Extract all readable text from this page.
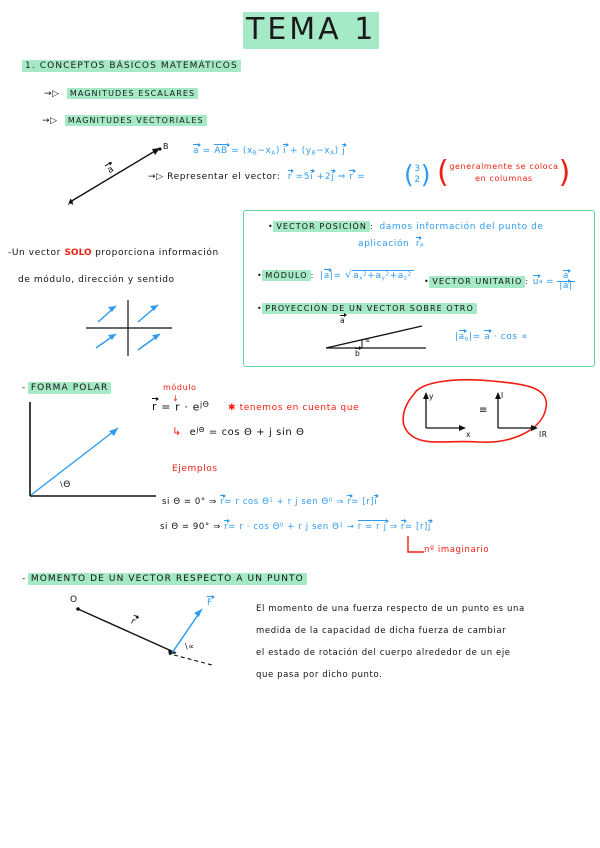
TEMA 1
1. CONCEPTOS BÁSICOS MATEMÁTICOS
→▷ MAGNITUDES ESCALARES
→▷ MAGNITUDES VECTORIALES
A
B
a
a = AB = $(x_B-x_A) i + (y_B-x_A)$ j
→▷ Representar el vector: r =5i +2j ⇒ r = ( 3
2 ) ( generalmente se coloca
en columnas )
-Un vector SOLO proporciona información
de módulo, dirección y sentido
• VECTOR POSICIÓN : damos información del punto de
aplicación $r_P$
• MÓDULO : |a|= √ $a_x^2+a_y^2+a_z^2$
• VECTOR UNITARIO : u $a = \frac{a}{|a|}$
• PROYECCIÓN DE UN VECTOR SOBRE OTRO
a
∝
b
$|a_b|= a \cdot \cos$ ∝
- FORMA POLAR
\Θ
módulo
↓
$r = r \cdot e^{j\Theta}$ ✱ tenemos en cuenta que
↳ $e^{j\Theta} = \cos \Theta + j$ sin Θ
y
x
≡
I
IR
Ejemplos
si Θ = 0° ⇒ r= r $\cos \Theta^1 + r$ j sen $\Theta^0$ ⇒ r= [r]i
si Θ = 90° ⇒ $r= r \cdot \cos \Theta^0 + r$ j sen $\Theta^1 \to r = r$ j ⇒ r= [r]j
nº imaginario
- MOMENTO DE UN VECTOR RESPECTO A UN PUNTO
O
r
F
\∝
El momento de una fuerza respecto de un punto es una
medida de la capacidad de dicha fuerza de cambiar
el estado de rotación del cuerpo alrededor de un eje
que pasa por dicho punto.
